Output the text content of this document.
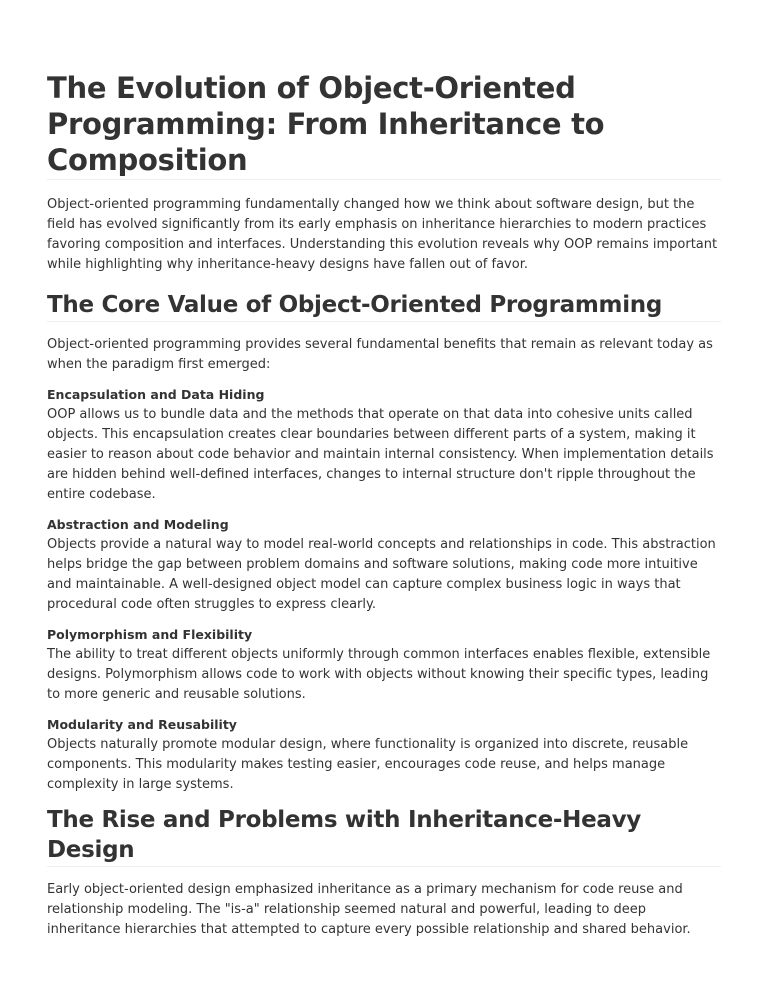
The Evolution of Object-Oriented Programming: From Inheritance to Composition

Object-oriented programming fundamentally changed how we think about software design, but the field has evolved significantly from its early emphasis on inheritance hierarchies to modern practices favoring composition and interfaces. Understanding this evolution reveals why OOP remains important while highlighting why inheritance-heavy designs have fallen out of favor.

The Core Value of Object-Oriented Programming

Object-oriented programming provides several fundamental benefits that remain as relevant today as when the paradigm first emerged:

Encapsulation and Data Hiding
OOP allows us to bundle data and the methods that operate on that data into cohesive units called objects. This encapsulation creates clear boundaries between different parts of a system, making it easier to reason about code behavior and maintain internal consistency. When implementation details are hidden behind well-defined interfaces, changes to internal structure don't ripple throughout the entire codebase.
Abstraction and Modeling
Objects provide a natural way to model real-world concepts and relationships in code. This abstraction helps bridge the gap between problem domains and software solutions, making code more intuitive and maintainable. A well-designed object model can capture complex business logic in ways that procedural code often struggles to express clearly.
Polymorphism and Flexibility
The ability to treat different objects uniformly through common interfaces enables flexible, extensible designs. Polymorphism allows code to work with objects without knowing their specific types, leading to more generic and reusable solutions.
Modularity and Reusability
Objects naturally promote modular design, where functionality is organized into discrete, reusable components. This modularity makes testing easier, encourages code reuse, and helps manage complexity in large systems.
The Rise and Problems with Inheritance-Heavy Design

Early object-oriented design emphasized inheritance as a primary mechanism for code reuse and relationship modeling. The "is-a" relationship seemed natural and powerful, leading to deep inheritance hierarchies that attempted to capture every possible relationship and shared behavior.
